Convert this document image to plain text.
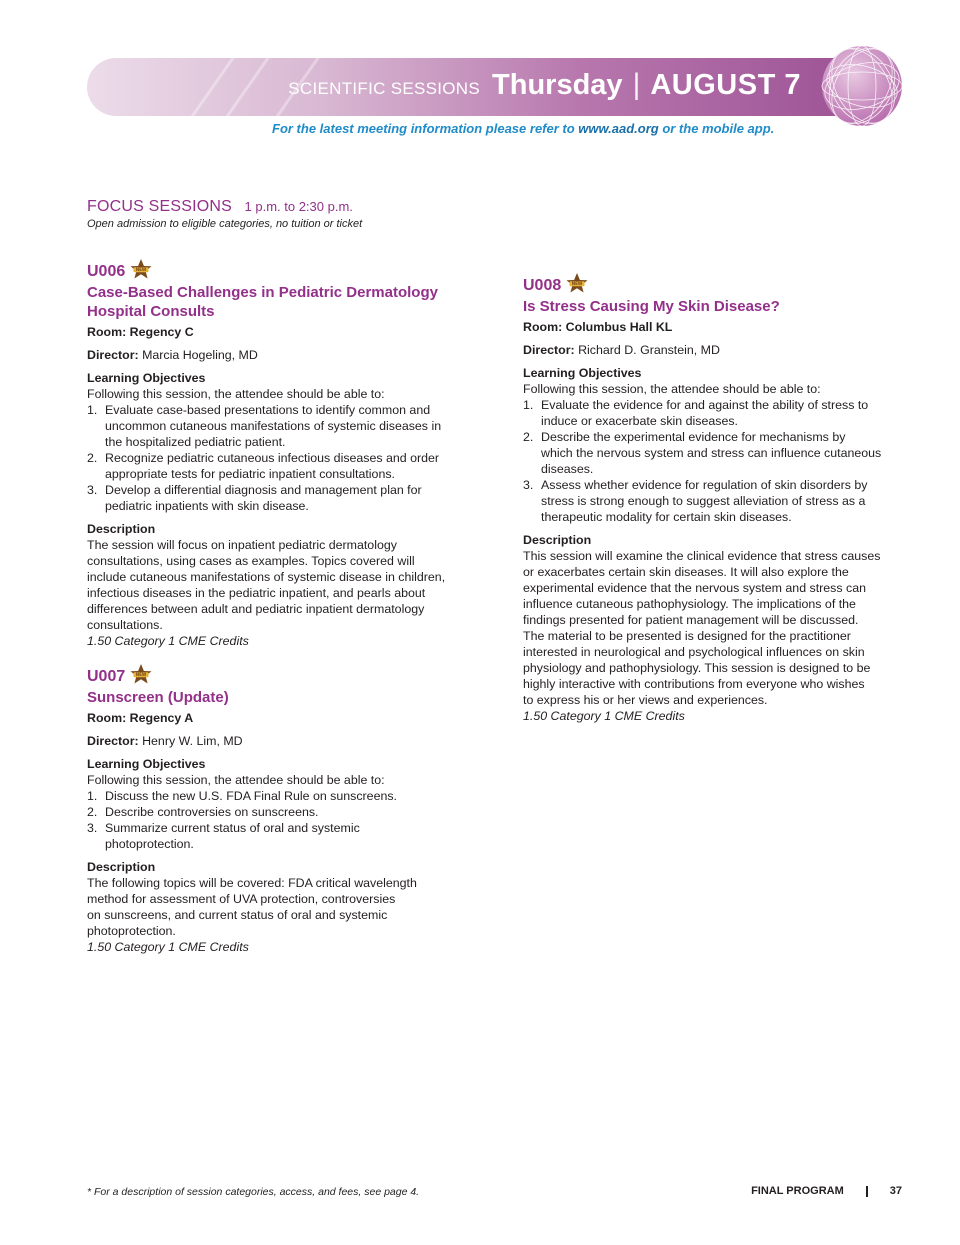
SCIENTIFIC SESSIONS Thursday | AUGUST 7
For the latest meeting information please refer to www.aad.org or the mobile app.
FOCUS SESSIONS 1 p.m. to 2:30 p.m.
Open admission to eligible categories, no tuition or ticket
U006	NEW
Case-Based Challenges in Pediatric Dermatology
Hospital Consults
Room: Regency C
Director: Marcia Hogeling, MD
Learning Objectives
Following this session, the attendee should be able to:
1. Evaluate case-based presentations to identify common and
uncommon cutaneous manifestations of systemic diseases in
the hospitalized pediatric patient.
2. Recognize pediatric cutaneous infectious diseases and order
appropriate tests for pediatric inpatient consultations.
3. Develop a differential diagnosis and management plan for
pediatric inpatients with skin disease.
Description
The session will focus on inpatient pediatric dermatology
consultations, using cases as examples. Topics covered will
include cutaneous manifestations of systemic disease in children,
infectious diseases in the pediatric inpatient, and pearls about
differences between adult and pediatric inpatient dermatology
consultations.
1.50 Category 1 CME Credits
U007	NEW
Sunscreen (Update)
Room: Regency A
Director: Henry W. Lim, MD
Learning Objectives
Following this session, the attendee should be able to:
1. Discuss the new U.S. FDA Final Rule on sunscreens.
2. Describe controversies on sunscreens.
3. Summarize current status of oral and systemic
photoprotection.
Description
The following topics will be covered: FDA critical wavelength
method for assessment of UVA protection, controversies
on sunscreens, and current status of oral and systemic
photoprotection.
1.50 Category 1 CME Credits
U008	NEW
Is Stress Causing My Skin Disease?
Room: Columbus Hall KL
Director: Richard D. Granstein, MD
Learning Objectives
Following this session, the attendee should be able to:
1. Evaluate the evidence for and against the ability of stress to
induce or exacerbate skin diseases.
2. Describe the experimental evidence for mechanisms by
which the nervous system and stress can influence cutaneous
diseases.
3. Assess whether evidence for regulation of skin disorders by
stress is strong enough to suggest alleviation of stress as a
therapeutic modality for certain skin diseases.
Description
This session will examine the clinical evidence that stress causes
or exacerbates certain skin diseases. It will also explore the
experimental evidence that the nervous system and stress can
influence cutaneous pathophysiology. The implications of the
findings presented for patient management will be discussed.
The material to be presented is designed for the practitioner
interested in neurological and psychological influences on skin
physiology and pathophysiology. This session is designed to be
highly interactive with contributions from everyone who wishes
to express his or her views and experiences.
1.50 Category 1 CME Credits
* For a description of session categories, access, and fees, see page 4.	FINAL PROGRAM	37
